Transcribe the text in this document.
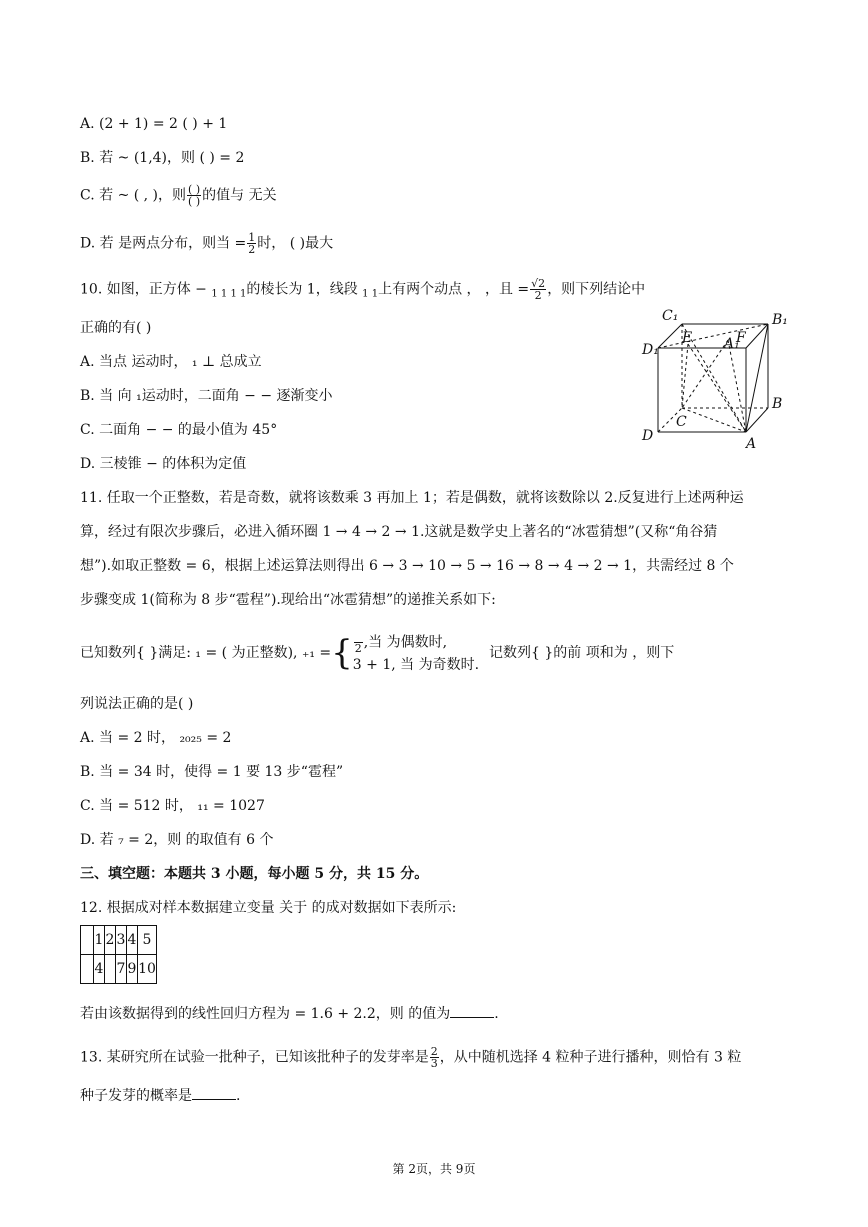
A. (2 + 1) = 2 ( ) + 1
B. 若 ~ (1,4)，则 ( ) = 2
C. 若 ~ ( , )，则 $\frac{( )}{( )}$ 的值与 无关
D. 若 是两点分布，则当 = $\frac{1}{2}$ 时， ( )最大
10. 如图，正方体 − $_{1 1 1 1}$的棱长为 1，线段 $_{1 1}$上有两个动点 ， ，且 = $\frac{√2}{2}$ ，则下列结论中
正确的有( )
A. 当点 运动时， ₁ ⊥ 总成立
B. 当 向 ₁运动时，二面角 − − 逐渐变小
C. 二面角 − − 的最小值为 45°
D. 三棱锥 − 的体积为定值
C₁	B₁
D₁
E A₁
F
B
C
D	A
11. 任取一个正整数，若是奇数，就将该数乘 3 再加上 1；若是偶数，就将该数除以 2.反复进行上述两种运
算，经过有限次步骤后，必进入循环圈 1 → 4 → 2 → 1.这就是数学史上著名的“冰雹猜想”(又称“角谷猜
想”).如取正整数 = 6，根据上述运算法则得出 6 → 3 → 10 → 5 → 16 → 8 → 4 → 2 → 1，共需经过 8 个
步骤变成 1(简称为 8 步“雹程”).现给出“冰雹猜想”的递推关系如下:
已知数列{ }满足: ₁ = ( 为正整数), ₊₁ ={
2 ,当 为偶数时,
3 + 1, 当 为奇数时.
记数列{ }的前 项和为 ，则下
列说法正确的是( )
A. 当 = 2 时， ₂₀₂₅ = 2
B. 当 = 34 时，使得 = 1 要 13 步“雹程”
C. 当 = 512 时， ₁₁ = 1027
D. 若 ₇ = 2，则 的取值有 6 个
三、填空题：本题共 3 小题，每小题 5 分，共 15 分。
12. 根据成对样本数据建立变量 关于 的成对数据如下表所示:
	1	2	3	4	5
	4		7	9	10
若由该数据得到的线性回归方程为 = 1.6 + 2.2，则 的值为	.
13. 某研究所在试验一批种子，已知该批种子的发芽率是 $\frac{2}{3}$ ，从中随机选择 4 粒种子进行播种，则恰有 3 粒
种子发芽的概率是	.
第 2页，共 9页
